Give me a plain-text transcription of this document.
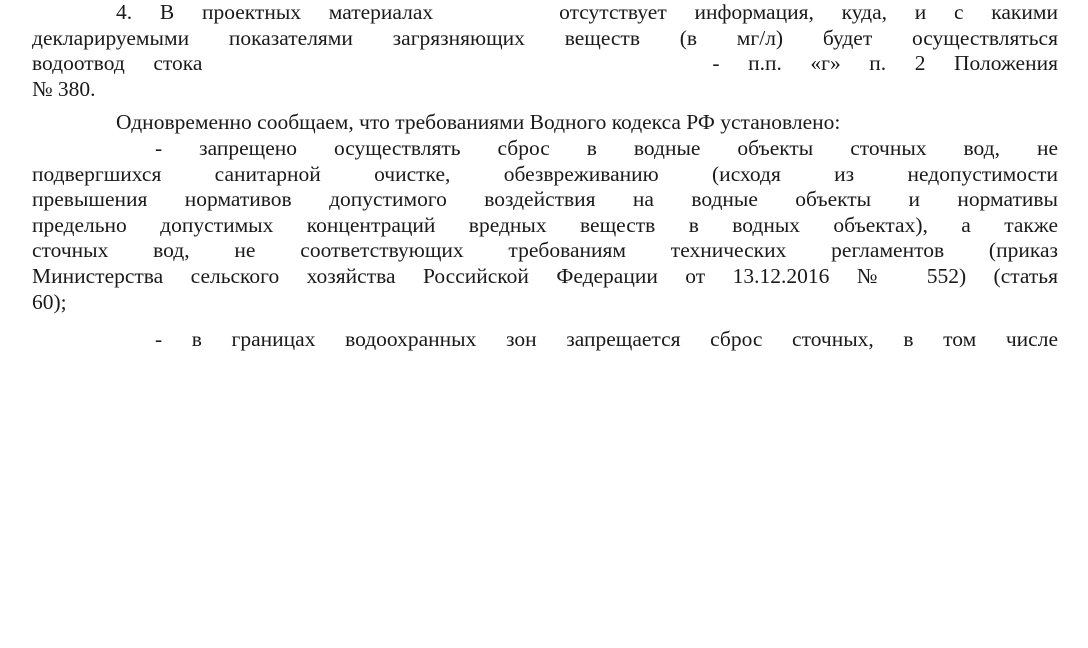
4. В проектных материалах	отсутствует информация, куда, и с какими
декларируемыми показателями загрязняющих веществ (в мг/л) будет осуществляться
водоотвод стока	- п.п. «г» п. 2 Положения
№ 380.
Одновременно сообщаем, что требованиями Водного кодекса РФ установлено:
- запрещено осуществлять сброс в водные объекты сточных вод, не
подвергшихся санитарной очистке, обезвреживанию (исходя из недопустимости
превышения нормативов допустимого воздействия на водные объекты и нормативы
предельно допустимых концентраций вредных веществ в водных объектах), а также
сточных вод, не соответствующих требованиям технических регламентов (приказ
Министерства сельского хозяйства Российской Федерации от 13.12.2016 № 552) (статья
60);
- в границах водоохранных зон запрещается сброс сточных, в том числе
